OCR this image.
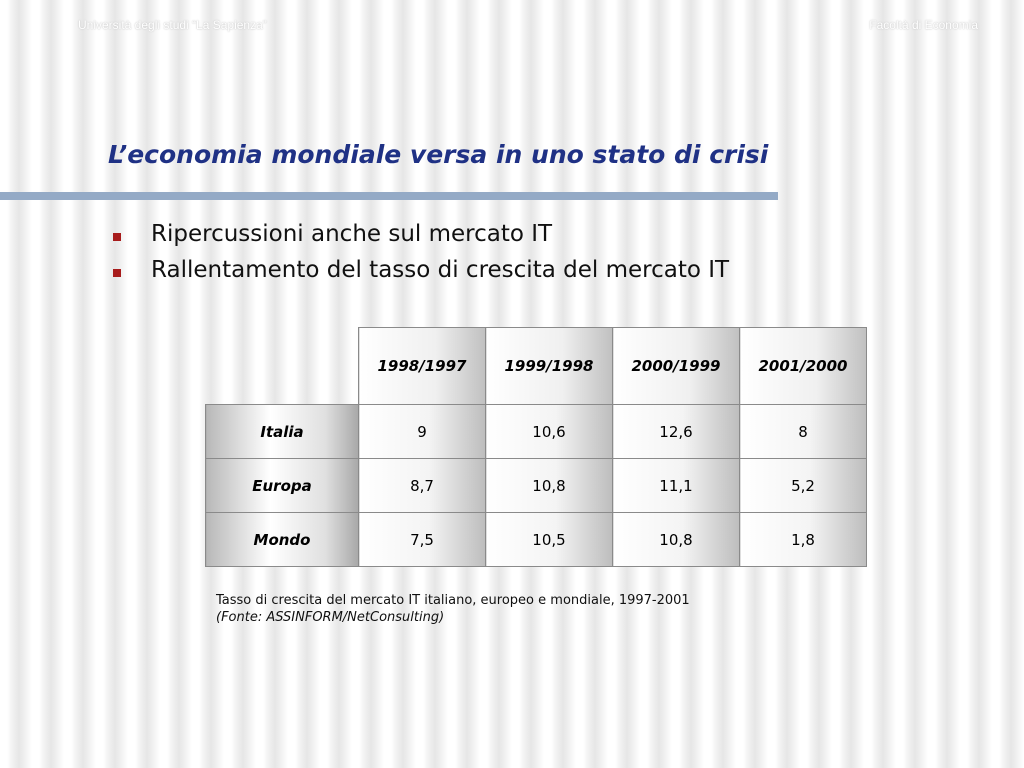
Università degli studi “La Sapienza”	Facoltà di Economia
L’economia mondiale versa in uno stato di crisi
Ripercussioni anche sul mercato IT
Rallentamento del tasso di crescita del mercato IT
	1998/1997	1999/1998	2000/1999	2001/2000
Italia	9	10,6	12,6	8
Europa	8,7	10,8	11,1	5,2
Mondo	7,5	10,5	10,8	1,8
Tasso di crescita del mercato IT italiano, europeo e mondiale, 1997-2001
(Fonte: ASSINFORM/NetConsulting)
